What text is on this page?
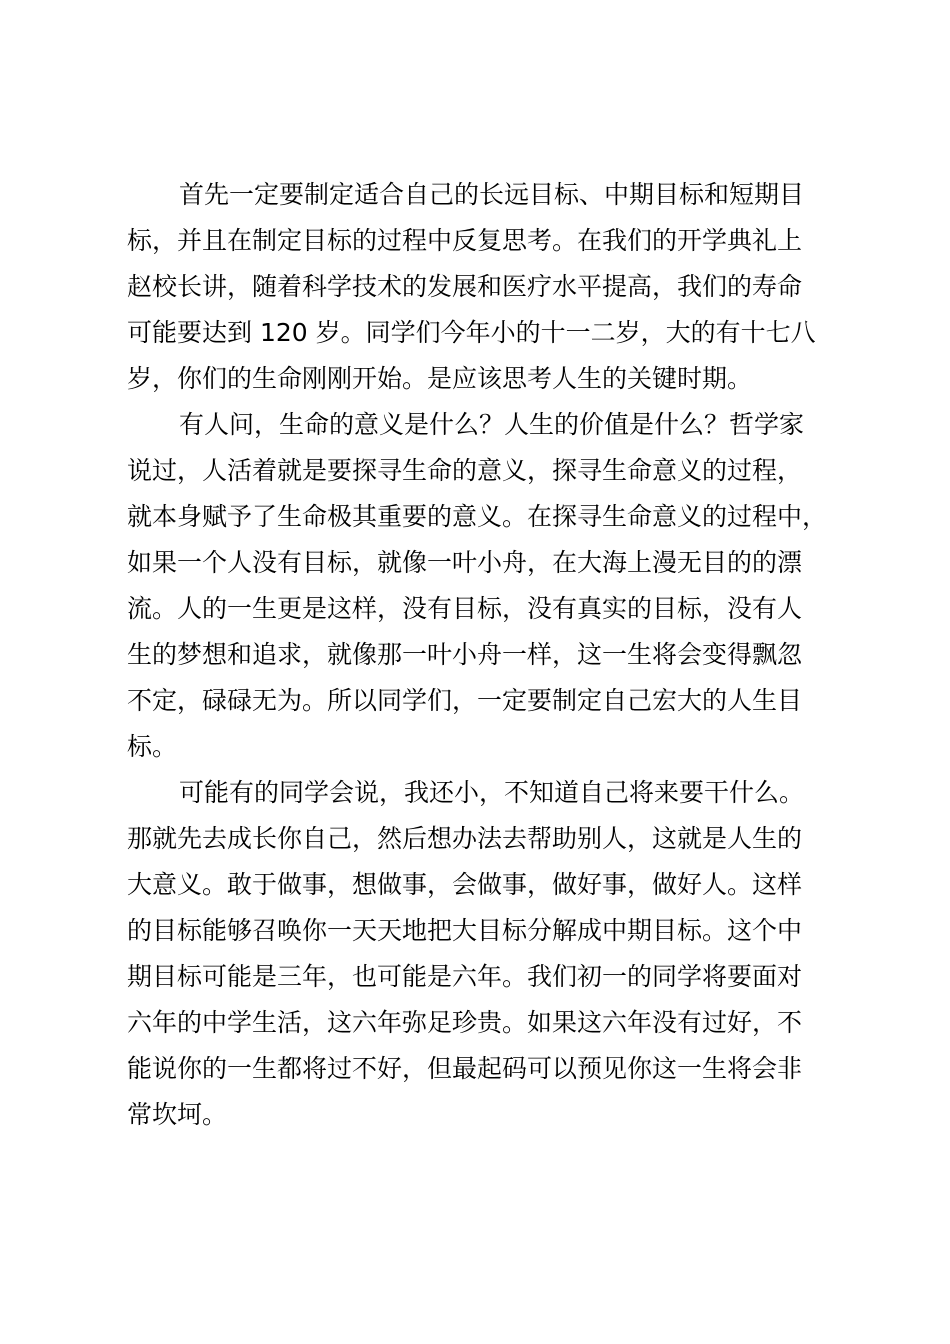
首先一定要制定适合自己的长远目标、中期目标和短期目
标，并且在制定目标的过程中反复思考。在我们的开学典礼上
赵校长讲，随着科学技术的发展和医疗水平提高，我们的寿命
可能要达到 120 岁。同学们今年小的十一二岁，大的有十七八
岁，你们的生命刚刚开始。是应该思考人生的关键时期。

有人问，生命的意义是什么？人生的价值是什么？哲学家
说过，人活着就是要探寻生命的意义，探寻生命意义的过程，
就本身赋予了生命极其重要的意义。在探寻生命意义的过程中，
如果一个人没有目标，就像一叶小舟，在大海上漫无目的的漂
流。人的一生更是这样，没有目标，没有真实的目标，没有人
生的梦想和追求，就像那一叶小舟一样，这一生将会变得飘忽
不定，碌碌无为。所以同学们，一定要制定自己宏大的人生目
标。

可能有的同学会说，我还小，不知道自己将来要干什么。
那就先去成长你自己，然后想办法去帮助别人，这就是人生的
大意义。敢于做事，想做事，会做事，做好事，做好人。这样
的目标能够召唤你一天天地把大目标分解成中期目标。这个中
期目标可能是三年，也可能是六年。我们初一的同学将要面对
六年的中学生活，这六年弥足珍贵。如果这六年没有过好，不
能说你的一生都将过不好，但最起码可以预见你这一生将会非
常坎坷。
